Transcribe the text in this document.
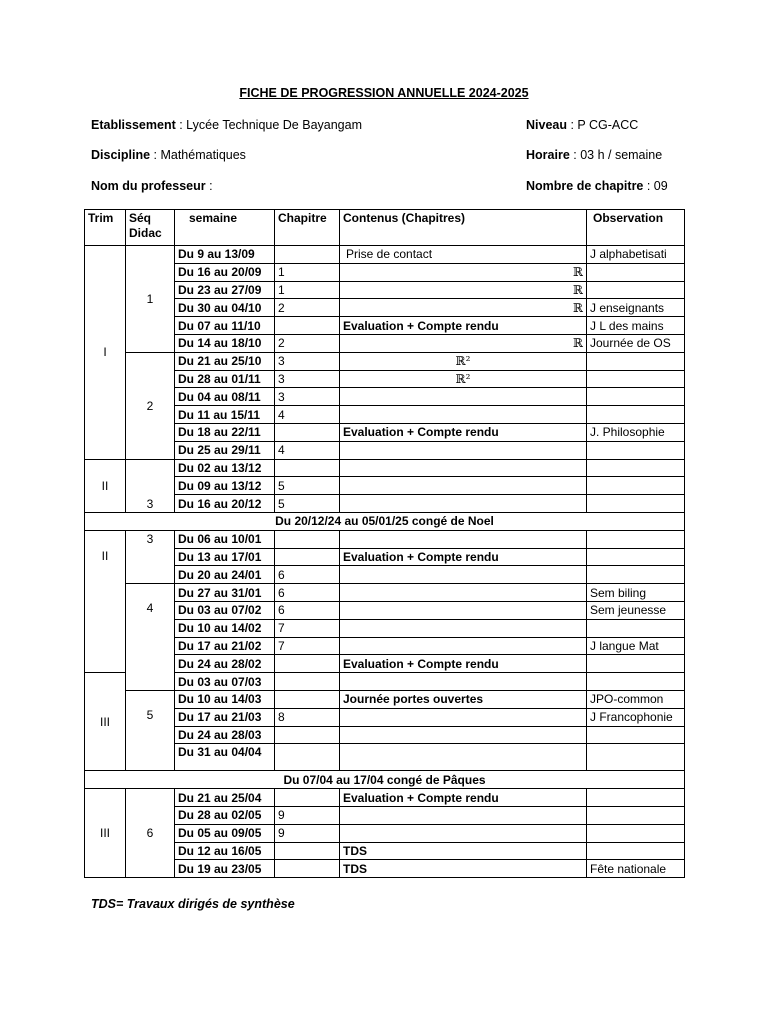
FICHE DE PROGRESSION ANNUELLE 2024-2025
Etablissement : Lycée Technique De Bayangam	Niveau : P CG-ACC
Discipline : Mathématiques	Horaire : 03 h / semaine
Nom du professeur :	Nombre de chapitre : 09
Trim	Séq Didac	semaine	Chapitre	Contenus (Chapitres)	Observation
I	1	Du 9 au 13/09		Prise de contact	J alphabetisati
		Du 16 au 20/09	1	ℝ	
		Du 23 au 27/09	1	ℝ	
		Du 30 au 04/10	2	ℝ	J enseignants
		Du 07 au 11/10		Evaluation + Compte rendu	J L des mains
		Du 14 au 18/10	2	ℝ	Journée de OS
	2	Du 21 au 25/10	3	ℝ²	
		Du 28 au 01/11	3	ℝ²	
		Du 04 au 08/11	3		
		Du 11 au 15/11	4		
		Du 18 au 22/11		Evaluation + Compte rendu	J. Philosophie
		Du 25 au 29/11	4		
II	3	Du 02 au 13/12			
		Du 09 au 13/12	5		
		Du 16 au 20/12	5		
Du 20/12/24 au 05/01/25 congé de Noel					
II	3	Du 06 au 10/01			
		Du 13 au 17/01		Evaluation + Compte rendu	
		Du 20 au 24/01	6		
	4	Du 27 au 31/01	6		Sem biling
		Du 03 au 07/02	6		Sem jeunesse
		Du 10 au 14/02	7		
		Du 17 au 21/02	7		J langue Mat
		Du 24 au 28/02		Evaluation + Compte rendu	
III		Du 03 au 07/03			
	5	Du 10 au 14/03		Journée portes ouvertes	JPO-common
		Du 17 au 21/03	8		J Francophonie
		Du 24 au 28/03			
		Du 31 au 04/04			
Du 07/04 au 17/04 congé de Pâques					
III	6	Du 21 au 25/04		Evaluation + Compte rendu	
		Du 28 au 02/05	9		
		Du 05 au 09/05	9		
		Du 12 au 16/05		TDS	
		Du 19 au 23/05		TDS	Fête nationale
TDS= Travaux dirigés de synthèse
